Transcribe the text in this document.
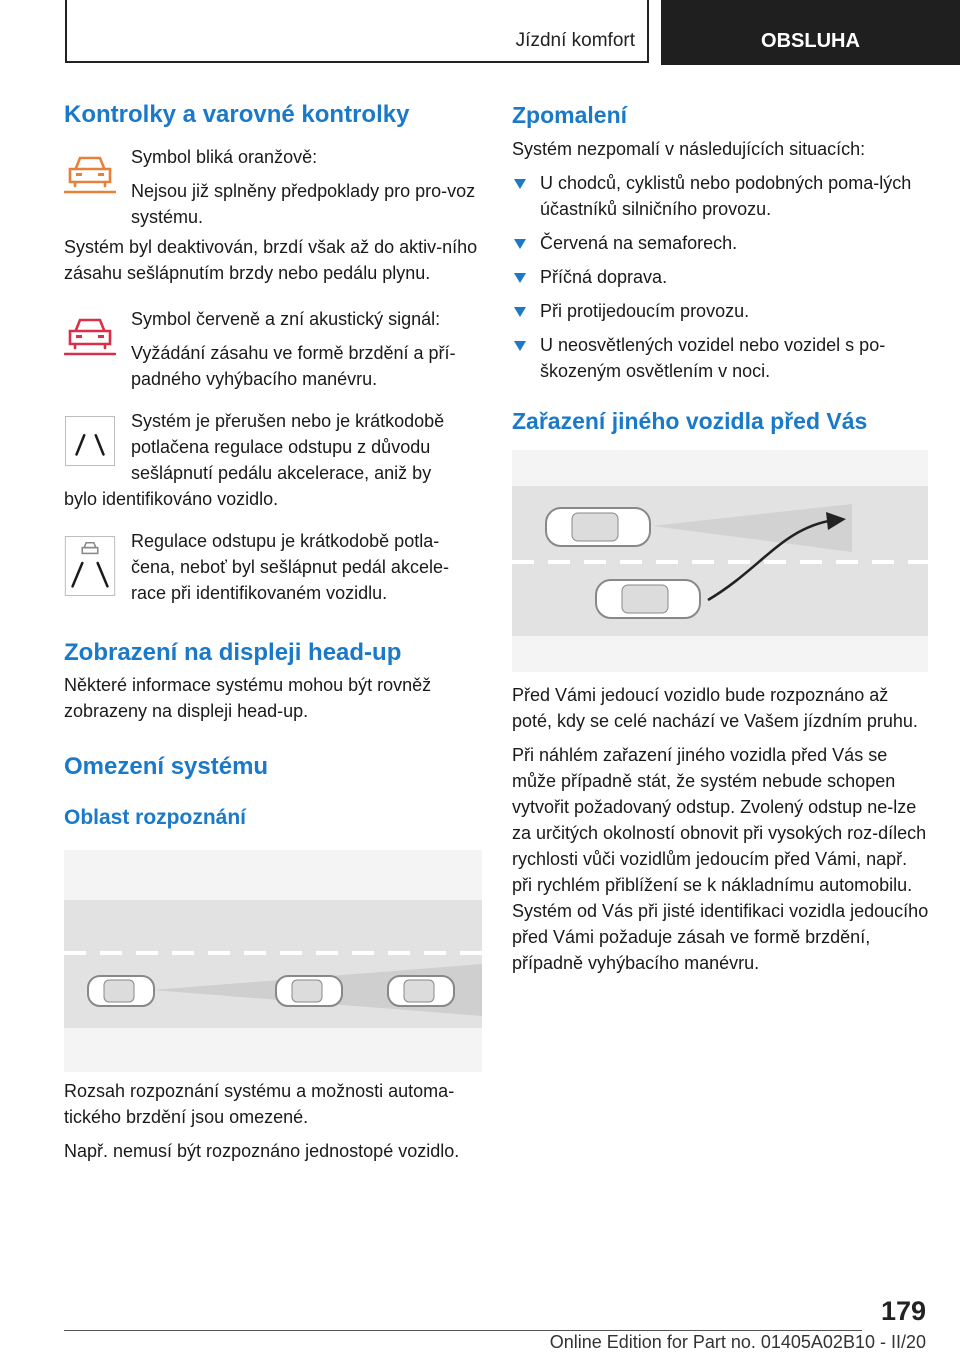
Jízdní komfort	OBSLUHA
Kontrolky a varovné kontrolky

Symbol bliká oranžově:

Nejsou již splněny předpoklady pro pro-voz systému.

Systém byl deaktivován, brzdí však až do aktiv-ního zásahu sešlápnutím brzdy nebo pedálu plynu.

Symbol červeně a zní akustický signál:

Vyžádání zásahu ve formě brzdění a pří-padného vyhýbacího manévru.

Systém je přerušen nebo je krátkodobě potlačena regulace odstupu z důvodu sešlápnutí pedálu akcelerace, aniž by

bylo identifikováno vozidlo.

Regulace odstupu je krátkodobě potla-čena, neboť byl sešlápnut pedál akcele-race při identifikovaném vozidlu.

Zobrazení na displeji head-up

Některé informace systému mohou být rovněž zobrazeny na displeji head-up.

Omezení systému
Oblast rozpoznání

Rozsah rozpoznání systému a možnosti automa-tického brzdění jsou omezené.

Např. nemusí být rozpoznáno jednostopé vozidlo.

Zpomalení

Systém nezpomalí v následujících situacích:

U chodců, cyklistů nebo podobných poma-lých účastníků silničního provozu.
Červená na semaforech.
Příčná doprava.
Při protijedoucím provozu.
U neosvětlených vozidel nebo vozidel s po-škozeným osvětlením v noci.
Zařazení jiného vozidla před Vás

Před Vámi jedoucí vozidlo bude rozpoznáno až poté, kdy se celé nachází ve Vašem jízdním pruhu.

Při náhlém zařazení jiného vozidla před Vás se může případně stát, že systém nebude schopen vytvořit požadovaný odstup. Zvolený odstup ne-lze za určitých okolností obnovit při vysokých roz-dílech rychlosti vůči vozidlům jedoucím před Vámi, např. při rychlém přiblížení se k nákladnímu automobilu. Systém od Vás při jisté identifikaci vozidla jedoucího před Vámi požaduje zásah ve formě brzdění, případně vyhýbacího manévru.

179
Online Edition for Part no. 01405A02B10 - II/20
